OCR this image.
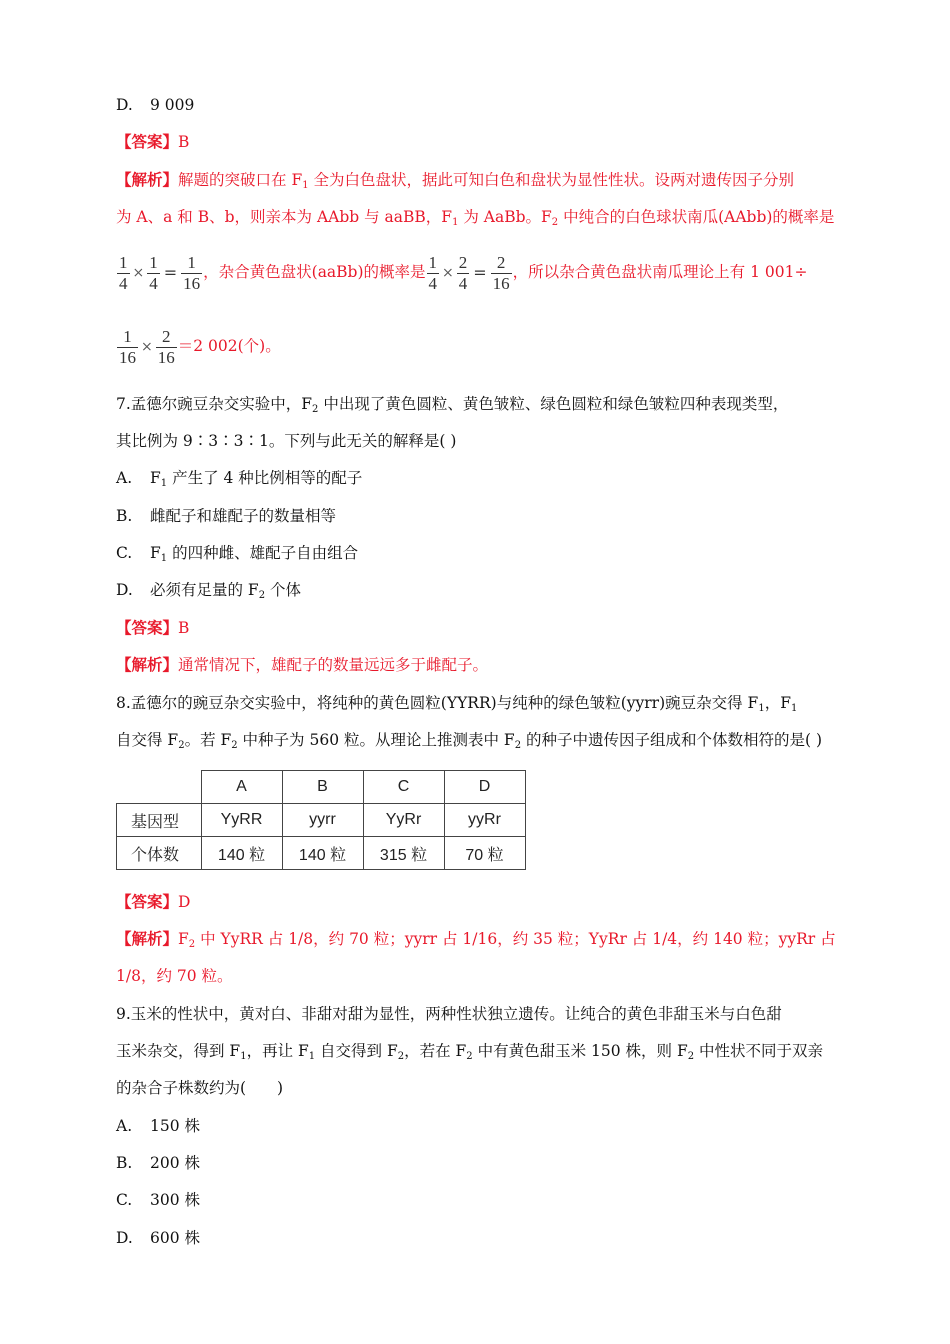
D. 9 009
【答案】B
【解析】解题的突破口在 $F_1$ 全为白色盘状，据此可知白色和盘状为显性性状。设两对遗传因子分别
为 A、a 和 B、b，则亲本为 AAbb 与 aaBB，$F_1$ 为 AaBb。$F_2$ 中纯合的白色球状南瓜(AAbb)的概率是
$\frac{1}{4} \times \frac{1}{4} = \frac{1}{16}$ ，杂合黄色盘状(aaBb)的概率是 $\frac{1}{4} \times \frac{2}{4} = \frac{2}{16}$ ，所以杂合黄色盘状南瓜理论上有 1 001÷
$\frac{1}{16} \times \frac{2}{16} =2$ 002(个)。
7.孟德尔豌豆杂交实验中，$F_2$ 中出现了黄色圆粒、黄色皱粒、绿色圆粒和绿色皱粒四种表现类型，
其比例为 9∶3∶3∶1。下列与此无关的解释是( )
A. $F_1$ 产生了 4 种比例相等的配子
B. 雌配子和雄配子的数量相等
C. $F_1$ 的四种雌、雄配子自由组合
D. 必须有足量的 $F_2$ 个体
【答案】B
【解析】通常情况下，雄配子的数量远远多于雌配子。
8.孟德尔的豌豆杂交实验中，将纯种的黄色圆粒(YYRR)与纯种的绿色皱粒(yyrr)豌豆杂交得 $F_1$，$F_1$
自交得 $F_2$。若 $F_2$ 中种子为 560 粒。从理论上推测表中 $F_2$ 的种子中遗传因子组成和个体数相符的是( )
	A	B	C	D
基因型	YyRR	yyrr	YyRr	yyRr
个体数	140 粒	140 粒	315 粒	70 粒
【答案】D
【解析】$F_2$ 中 YyRR 占 1/8，约 70 粒；yyrr 占 1/16，约 35 粒；YyRr 占 1/4，约 140 粒；yyRr 占
1/8，约 70 粒。
9.玉米的性状中，黄对白、非甜对甜为显性，两种性状独立遗传。让纯合的黄色非甜玉米与白色甜
玉米杂交，得到 $F_1$，再让 $F_1$ 自交得到 $F_2$，若在 $F_2$ 中有黄色甜玉米 150 株，则 $F_2$ 中性状不同于双亲
的杂合子株数约为(　　)
A. 150 株
B. 200 株
C. 300 株
D. 600 株
